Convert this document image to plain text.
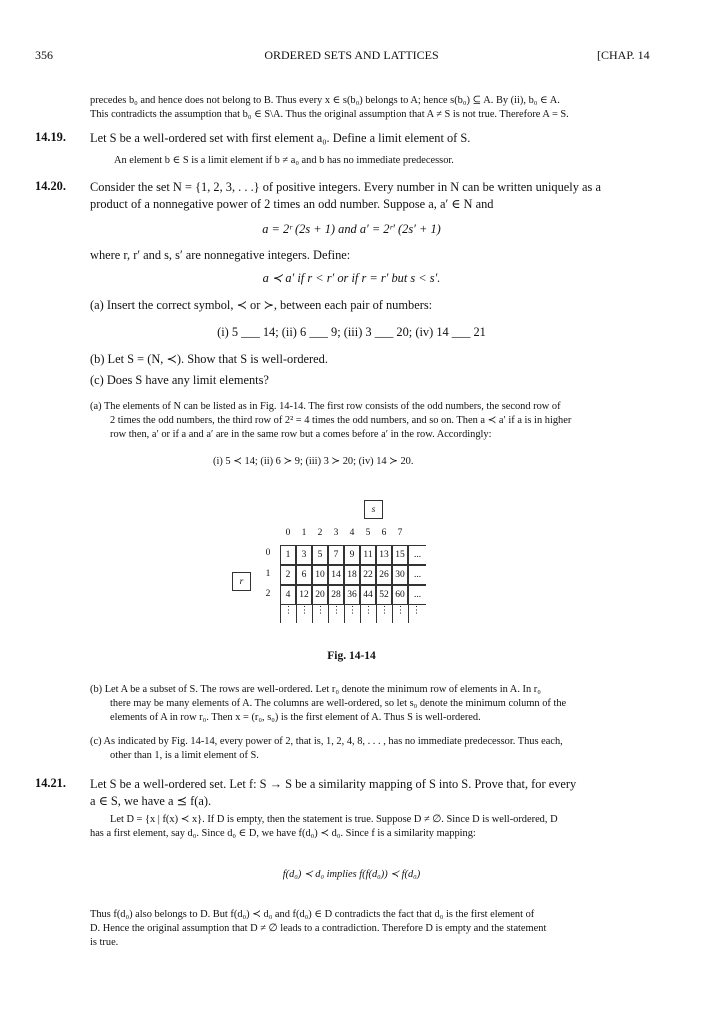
356	ORDERED SETS AND LATTICES	[CHAP. 14
precedes b₀ and hence does not belong to B. Thus every x ∈ s(b₀) belongs to A; hence s(b₀) ⊆ A. By (ii), b₀ ∈ A.
This contradicts the assumption that b₀ ∈ S\A. Thus the original assumption that A ≠ S is not true. Therefore A = S.
14.19. Let S be a well-ordered set with first element a₀. Define a limit element of S.
An element b ∈ S is a limit element if b ≠ a₀ and b has no immediate predecessor.
14.20. Consider the set N = {1, 2, 3, . . .} of positive integers. Every number in N can be written uniquely as a
product of a nonnegative power of 2 times an odd number. Suppose a, a′ ∈ N and
a = 2ʳ (2s + 1) and a′ = 2ʳ′ (2s′ + 1)
where r, r′ and s, s′ are nonnegative integers. Define:
a ≺ a′ if r < r′ or if r = r′ but s < s′.
(a) Insert the correct symbol, ≺ or ≻, between each pair of numbers:
(i) 5 ___ 14; (ii) 6 ___ 9; (iii) 3 ___ 20; (iv) 14 ___ 21
(b) Let S = (N, ≺). Show that S is well-ordered.
(c) Does S have any limit elements?
(a) The elements of N can be listed as in Fig. 14-14. The first row consists of the odd numbers, the second row of
2 times the odd numbers, the third row of 2² = 4 times the odd numbers, and so on. Then a ≺ a′ if a is in higher
row then, a′ or if a and a′ are in the same row but a comes before a′ in the row. Accordingly:
(i) 5 ≺ 14; (ii) 6 ≻ 9; (iii) 3 ≻ 20; (iv) 14 ≻ 20.
s
r
0	1	2	3	4	5	6	7
0
1
2
1	3	5	7	9 11 13 15 ...
2	6 10 14 18 22 26 30 ...
4 12 20 28 36 44 52 60 ...
⋮ ⋮ ⋮ ⋮ ⋮ ⋮ ⋮ ⋮ ⋮
Fig. 14-14
(b) Let A be a subset of S. The rows are well-ordered. Let r₀ denote the minimum row of elements in A. In r₀
there may be many elements of A. The columns are well-ordered, so let s₀ denote the minimum column of the
elements of A in row r₀. Then x = (r₀, s₀) is the first element of A. Thus S is well-ordered.
(c) As indicated by Fig. 14-14, every power of 2, that is, 1, 2, 4, 8, . . . , has no immediate predecessor. Thus each,
other than 1, is a limit element of S.
14.21. Let S be a well-ordered set. Let f: S → S be a similarity mapping of S into S. Prove that, for every
a ∈ S, we have a ⪯ f(a).
Let D = {x | f(x) ≺ x}. If D is empty, then the statement is true. Suppose D ≠ ∅. Since D is well-ordered, D
has a first element, say d₀. Since d₀ ∈ D, we have f(d₀) ≺ d₀. Since f is a similarity mapping:
f(d₀) ≺ d₀ implies f(f(d₀)) ≺ f(d₀)
Thus f(d₀) also belongs to D. But f(d₀) ≺ d₀ and f(d₀) ∈ D contradicts the fact that d₀ is the first element of
D. Hence the original assumption that D ≠ ∅ leads to a contradiction. Therefore D is empty and the statement
is true.
